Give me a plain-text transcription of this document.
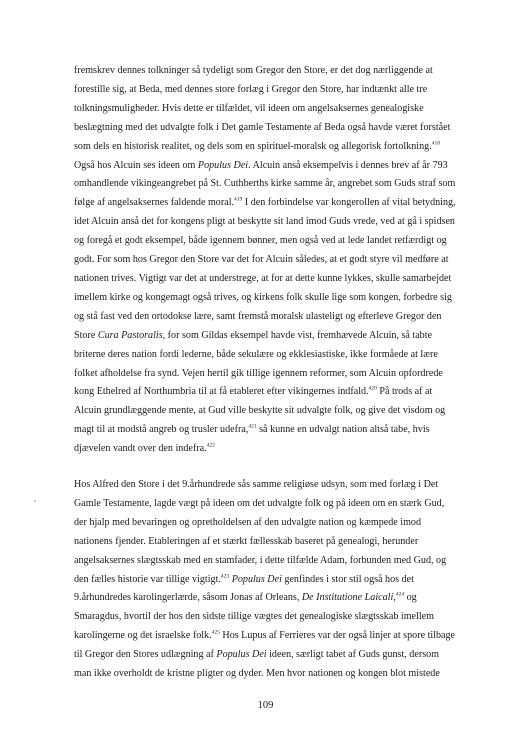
fremskrev dennes tolkninger så tydeligt som Gregor den Store, er det dog nærliggende at
forestille sig, at Beda, med dennes store forlæg i Gregor den Store, har indtænkt alle tre
tolkningsmuligheder. Hvis dette er tilfældet, vil ideen om angelsaksernes genealogiske
beslægtning med det udvalgte folk i Det gamle Testamente af Beda også havde været forstået
som dels en historisk realitet, og dels som en spirituel-moralsk og allegorisk fortolkning.$^{418}$
Også hos Alcuin ses ideen om Populus Dei. Alcuin anså eksempelvis i dennes brev af år 793
omhandlende vikingeangrebet på St. Cuthberths kirke samme år, angrebet som Guds straf som
følge af angelsaksernes faldende moral.$^{419}$ I den forbindelse var kongerollen af vital betydning,
idet Alcuin anså det for kongens pligt at beskytte sit land imod Guds vrede, ved at gå i spidsen
og foregå et godt eksempel, både igennem bønner, men også ved at lede landet retfærdigt og
godt. For som hos Gregor den Store var det for Alcuin således, at et godt styre vil medføre at
nationen trives. Vigtigt var det at understrege, at for at dette kunne lykkes, skulle samarbejdet
imellem kirke og kongemagt også trives, og kirkens folk skulle lige som kongen, forbedre sig
og stå fast ved den ortodokse lære, samt fremstå moralsk ulasteligt og efterleve Gregor den
Store Cura Pastoralis, for som Gildas eksempel havde vist, fremhævede Alcuin, så tabte
briterne deres nation fordi lederne, både sekulære og ekklesiastiske, ikke formåede at lære
folket afholdelse fra synd. Vejen hertil gik tillige igennem reformer, som Alcuin opfordrede
kong Ethelred af Northumbria til at få etableret efter vikingernes indfald.$^{420}$ På trods af at
Alcuin grundlæggende mente, at Gud ville beskytte sit udvalgte folk, og give det visdom og
magt til at modstå angreb og trusler udefra,$^{421}$ så kunne en udvalgt nation altså tabe, hvis
djævelen vandt over den indefra.$^{422}$

Hos Alfred den Store i det 9.århundrede sås samme religiøse udsyn, som med forlæg i Det
Gamle Testamente, lagde vægt på ideen om det udvalgte folk og på ideen om en stærk Gud,
der hjalp med bevaringen og opretholdelsen af den udvalgte nation og kæmpede imod
nationens fjender. Etableringen af et stærkt fællesskab baseret på genealogi, herunder
angelsaksernes slægtsskab med en stamfader, i dette tilfælde Adam, forbunden med Gud, og
den fælles historie var tillige vigtigt.$^{423}$ Populus Dei genfindes i stor stil også hos det
9.århundredes karolingerlærde, såsom Jonas af Orleans, De Institutione Laicali,$^{424}$ og
Smaragdus, hvortil der hos den sidste tillige vægtes det genealogiske slægtsskab imellem
karolingerne og det israelske folk.$^{425}$ Hos Lupus af Ferrieres var der også linjer at spore tilbage
til Gregor den Stores udlægning af Populus Dei ideen, særligt tabet af Guds gunst, dersom
man ikke overholdt de kristne pligter og dyder. Men hvor nationen og kongen blot mistede

109
